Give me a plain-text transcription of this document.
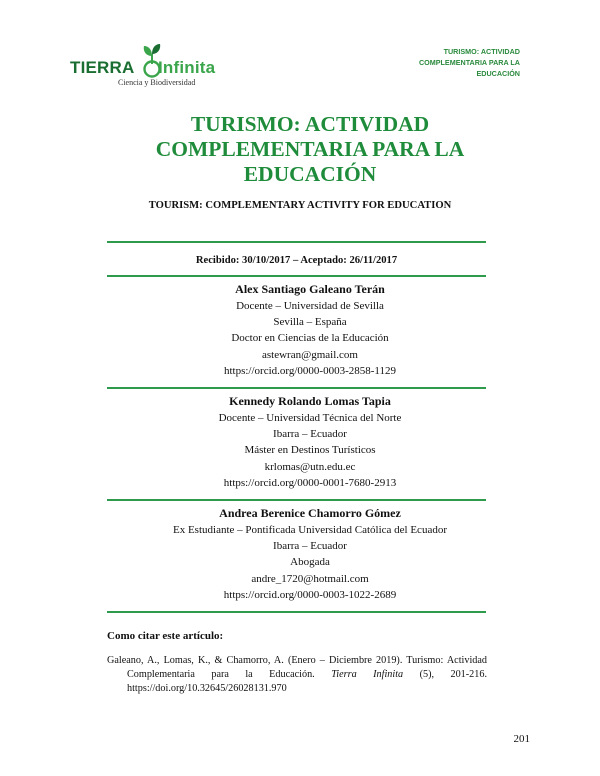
TIERRA Infinita
Ciencia y Biodiversidad
TURISMO: ACTIVIDAD
COMPLEMENTARIA PARA LA
EDUCACIÓN
TURISMO: ACTIVIDAD
COMPLEMENTARIA PARA LA
EDUCACIÓN
TOURISM: COMPLEMENTARY ACTIVITY FOR EDUCATION
Recibido: 30/10/2017 – Aceptado: 26/11/2017
Alex Santiago Galeano Terán
Docente – Universidad de Sevilla
Sevilla – España
Doctor en Ciencias de la Educación
astewran@gmail.com
https://orcid.org/0000-0003-2858-1129
Kennedy Rolando Lomas Tapia
Docente – Universidad Técnica del Norte
Ibarra – Ecuador
Máster en Destinos Turísticos
krlomas@utn.edu.ec
https://orcid.org/0000-0001-7680-2913
Andrea Berenice Chamorro Gómez
Ex Estudiante – Pontificada Universidad Católica del Ecuador
Ibarra – Ecuador
Abogada
andre_1720@hotmail.com
https://orcid.org/0000-0003-1022-2689
Como citar este artículo:
Galeano, A., Lomas, K., & Chamorro, A. (Enero – Diciembre 2019). Turismo: Actividad
Complementaria para la Educación. Tierra Infinita (5), 201-216.
https://doi.org/10.32645/26028131.970
201
